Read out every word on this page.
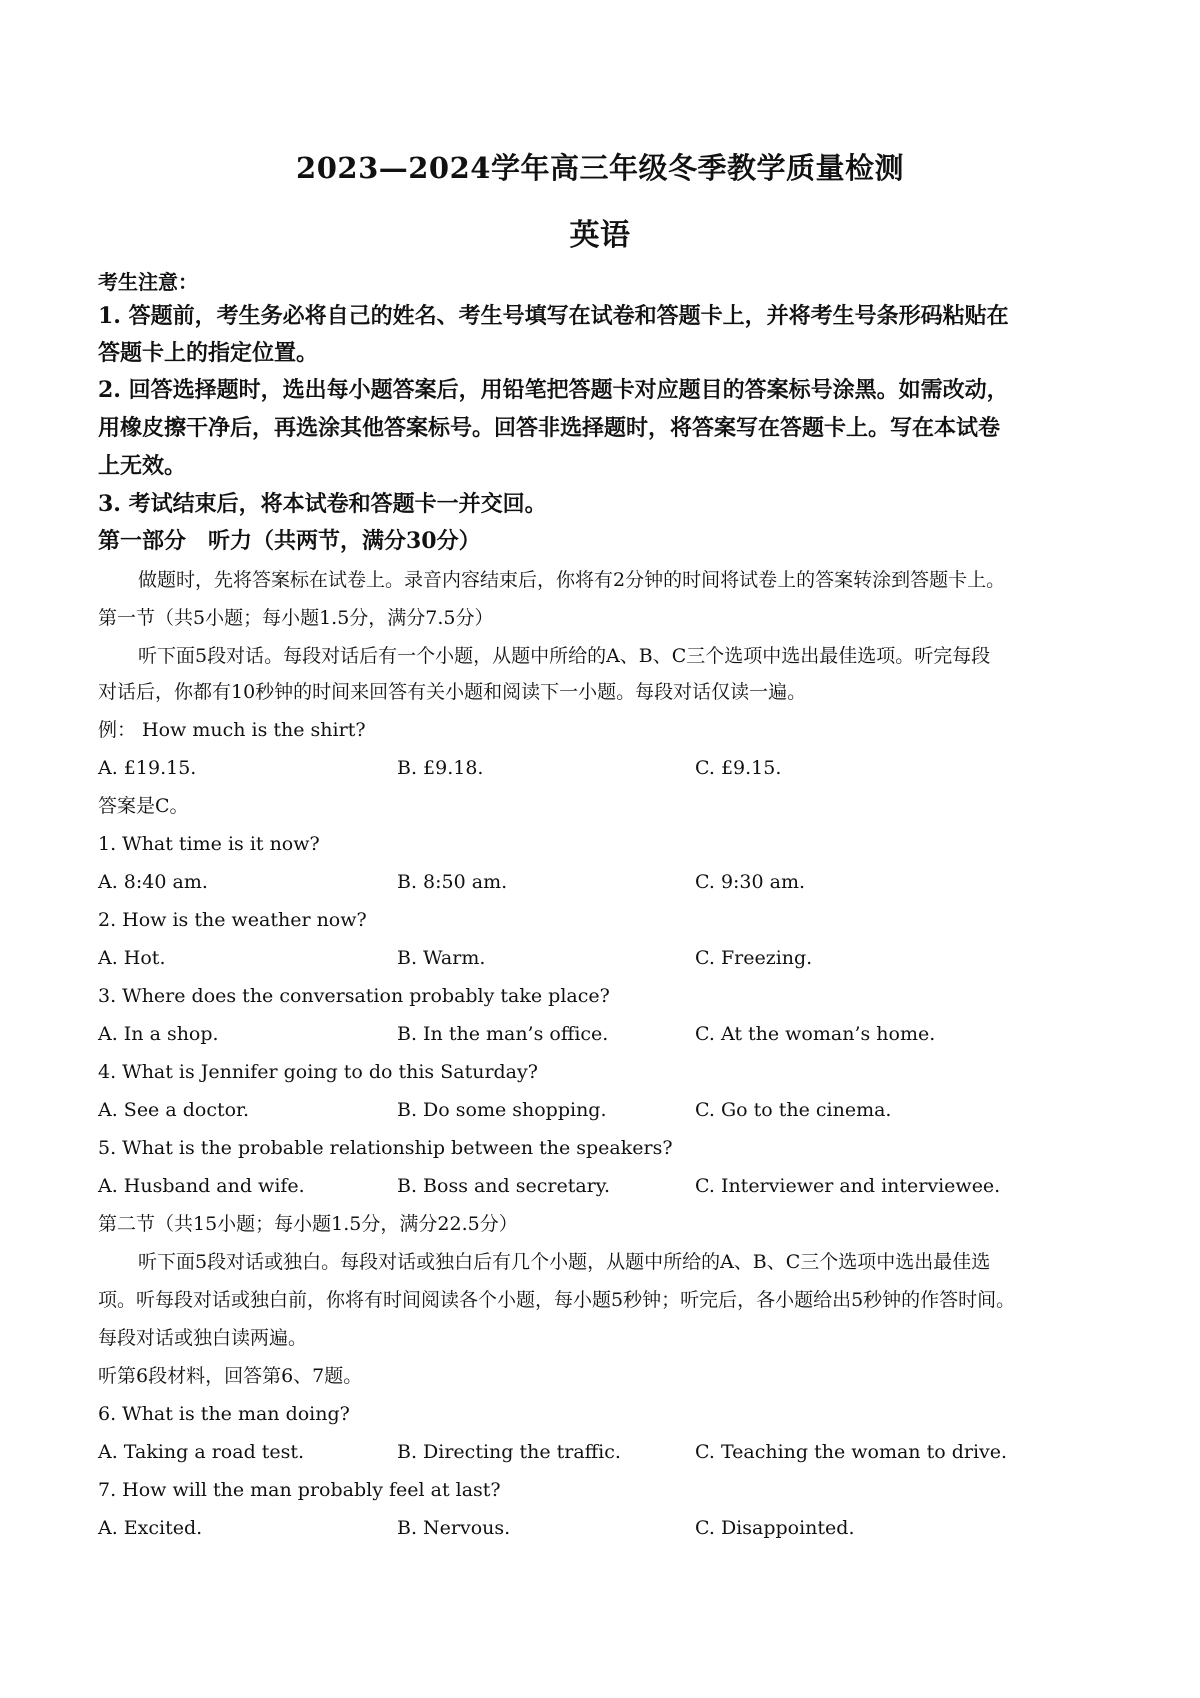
2023—2024学年高三年级冬季教学质量检测
英语
考生注意：
1. 答题前，考生务必将自己的姓名、考生号填写在试卷和答题卡上，并将考生号条形码粘贴在
答题卡上的指定位置。
2. 回答选择题时，选出每小题答案后，用铅笔把答题卡对应题目的答案标号涂黑。如需改动，
用橡皮擦干净后，再选涂其他答案标号。回答非选择题时，将答案写在答题卡上。写在本试卷
上无效。
3. 考试结束后，将本试卷和答题卡一并交回。
第一部分　听力（共两节，满分30分）
做题时，先将答案标在试卷上。录音内容结束后，你将有2分钟的时间将试卷上的答案转涂到答题卡上。
第一节（共5小题；每小题1.5分，满分7.5分）
听下面5段对话。每段对话后有一个小题，从题中所给的A、B、C三个选项中选出最佳选项。听完每段
对话后，你都有10秒钟的时间来回答有关小题和阅读下一小题。每段对话仅读一遍。
例： How much is the shirt?
A. £19.15.	B. £9.18.	C. £9.15.
答案是C。
1. What time is it now?
A. 8:40 am.	B. 8:50 am.	C. 9:30 am.
2. How is the weather now?
A. Hot.	B. Warm.	C. Freezing.
3. Where does the conversation probably take place?
A. In a shop.	B. In the man’s office.	C. At the woman’s home.
4. What is Jennifer going to do this Saturday?
A. See a doctor.	B. Do some shopping.	C. Go to the cinema.
5. What is the probable relationship between the speakers?
A. Husband and wife.	B. Boss and secretary.	C. Interviewer and interviewee.
第二节（共15小题；每小题1.5分，满分22.5分）
听下面5段对话或独白。每段对话或独白后有几个小题，从题中所给的A、B、C三个选项中选出最佳选
项。听每段对话或独白前，你将有时间阅读各个小题，每小题5秒钟；听完后，各小题给出5秒钟的作答时间。
每段对话或独白读两遍。
听第6段材料，回答第6、7题。
6. What is the man doing?
A. Taking a road test.	B. Directing the traffic.	C. Teaching the woman to drive.
7. How will the man probably feel at last?
A. Excited.	B. Nervous.	C. Disappointed.
